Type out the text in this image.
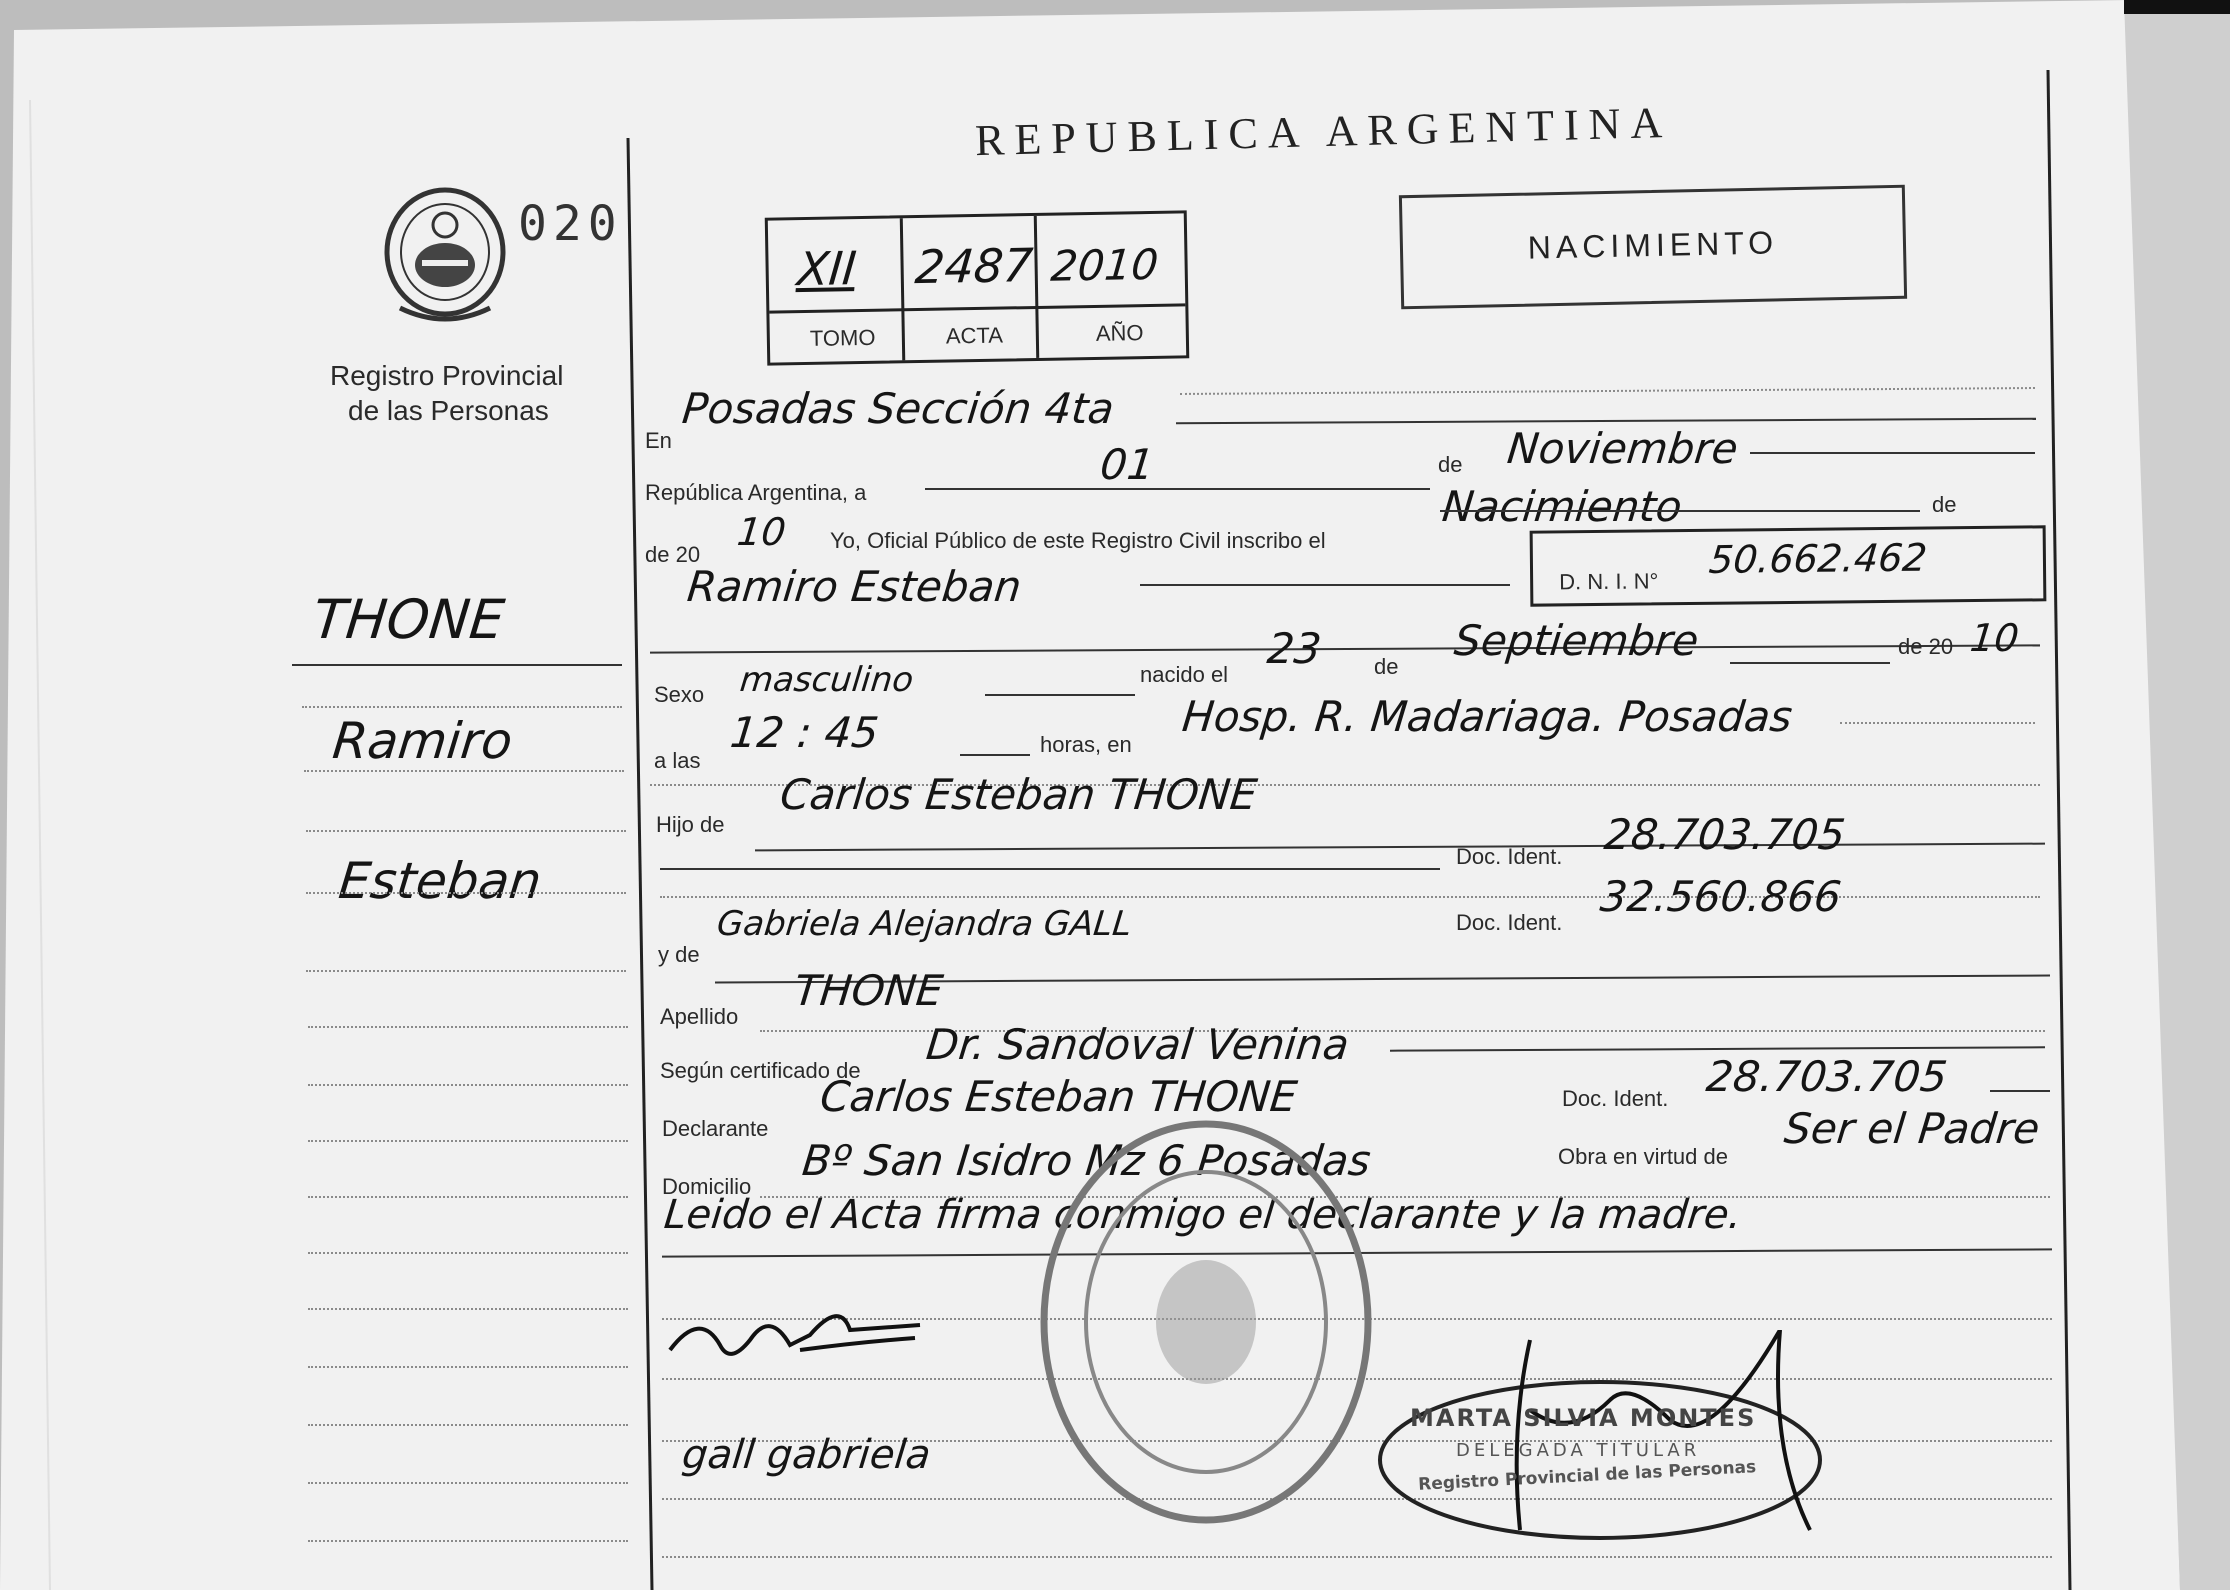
REPUBLICA ARGENTINA
NACIMIENTO
020
Registro Provincial
de las Personas
XII 2487 2010
TOMO	ACTA	AÑO
THONE
Ramiro
Esteban
En
Posadas Sección 4ta
República Argentina, a
01	de Noviembre
de 20
10 Yo, Oficial Público de este Registro Civil inscribo el
Nacimiento	de
Ramiro Esteban	D. N. I. N° 50.662.462
Sexo masculino	nacido el
23 de
Septiembre	de 20 10
a las
12 : 45	horas, en
Hosp. R. Madariaga. Posadas
Hijo de
Carlos Esteban THONE
Doc. Ident. 28.703.705
y de
Gabriela Alejandra GALL	Doc. Ident.
32.560.866
Apellido
THONE
Según certificado de
Dr. Sandoval Venina
Declarante
Carlos Esteban THONE	Doc. Ident. 28.703.705
Domicilio
Bº San Isidro Mz 6 Posadas	Obra en virtud de
Ser el Padre
Leido el Acta firma conmigo el declarante y la madre.
gall gabriela
MARTA SILVIA MONTES
DELEGADA TITULAR
Registro Provincial de las Personas
